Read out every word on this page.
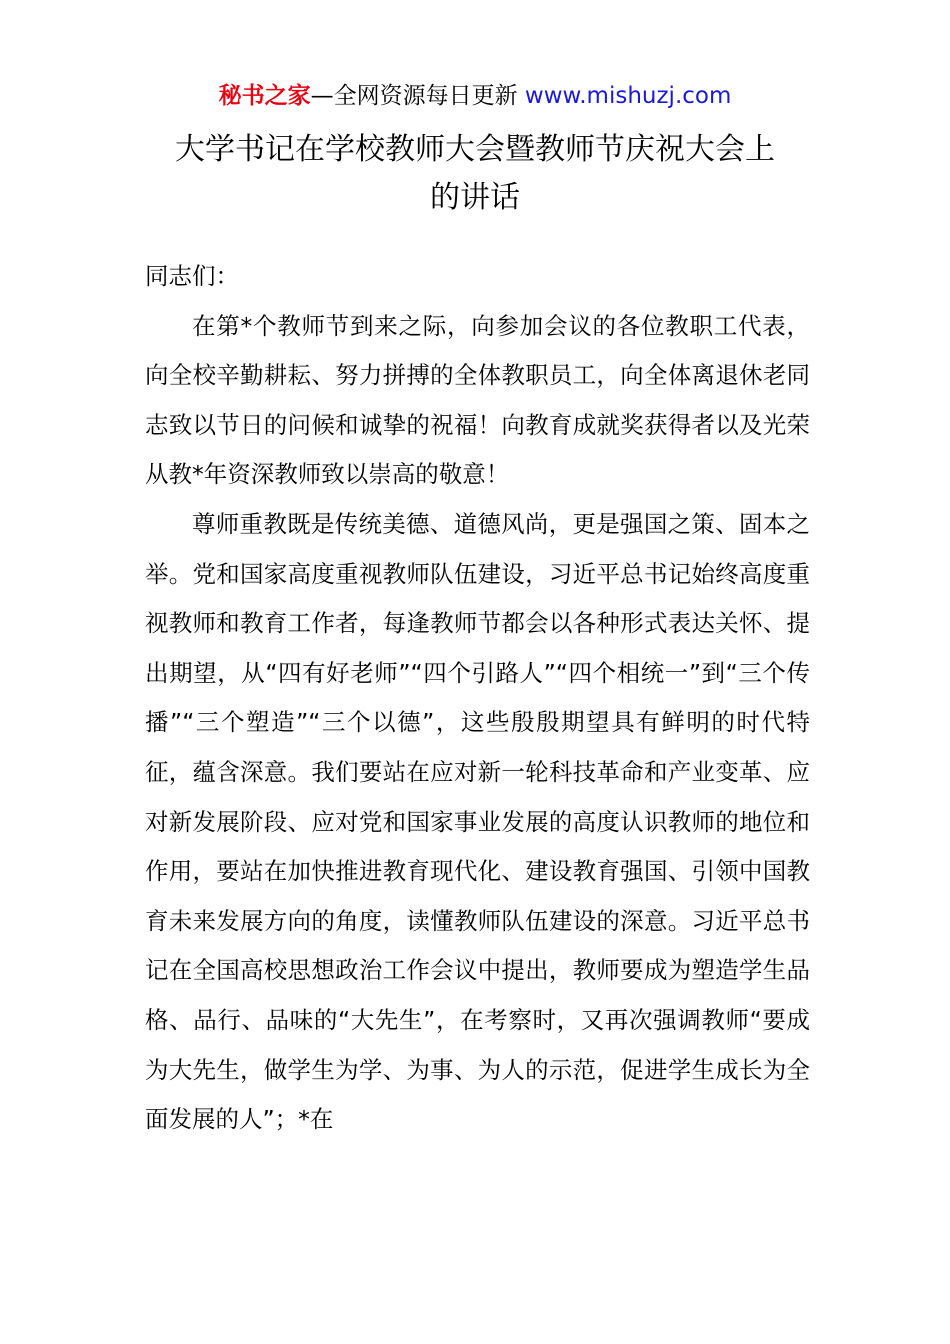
秘书之家—全网资源每日更新 www.mishuzj.com
大学书记在学校教师大会暨教师节庆祝大会上
的讲话

同志们：

在第*个教师节到来之际，向参加会议的各位教职工代表，向全校辛勤耕耘、努力拼搏的全体教职员工，向全体离退休老同志致以节日的问候和诚挚的祝福！向教育成就奖获得者以及光荣从教*年资深教师致以崇高的敬意！

尊师重教既是传统美德、道德风尚，更是强国之策、固本之举。党和国家高度重视教师队伍建设，习近平总书记始终高度重视教师和教育工作者，每逢教师节都会以各种形式表达关怀、提出期望，从“四有好老师”“四个引路人”“四个相统一”到“三个传播”“三个塑造”“三个以德”，这些殷殷期望具有鲜明的时代特征，蕴含深意。我们要站在应对新一轮科技革命和产业变革、应对新发展阶段、应对党和国家事业发展的高度认识教师的地位和作用，要站在加快推进教育现代化、建设教育强国、引领中国教育未来发展方向的角度，读懂教师队伍建设的深意。习近平总书记在全国高校思想政治工作会议中提出，教师要成为塑造学生品格、品行、品味的“大先生”，在考察时，又再次强调教师“要成为大先生，做学生为学、为事、为人的示范，促进学生成长为全面发展的人”；*在
